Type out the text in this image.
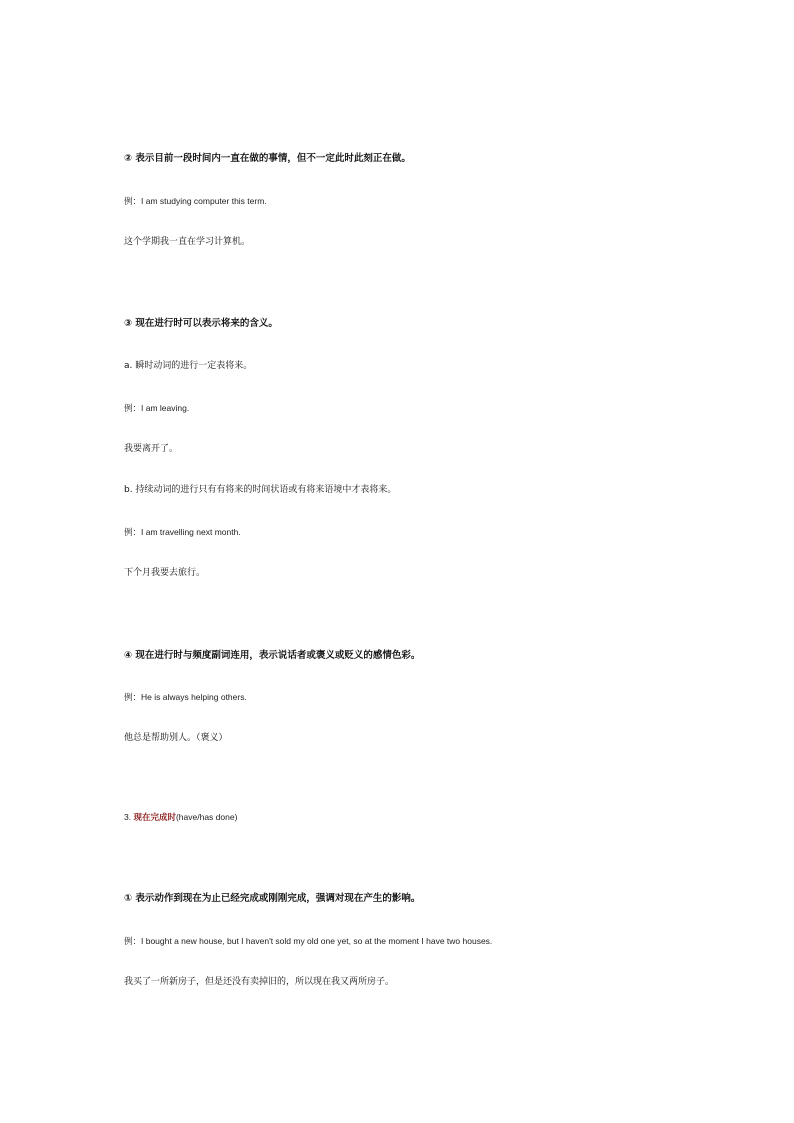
② 表示目前一段时间内一直在做的事情，但不一定此时此刻正在做。
例：I am studying computer this term.
这个学期我一直在学习计算机。
③ 现在进行时可以表示将来的含义。
a. 瞬时动词的进行一定表将来。
例：I am leaving.
我要离开了。
b. 持续动词的进行只有有将来的时间状语或有将来语境中才表将来。
例：I am travelling next month.
下个月我要去旅行。
④ 现在进行时与频度副词连用，表示说话者或褒义或贬义的感情色彩。
例：He is always helping others.
他总是帮助别人。（褒义）
3. 现在完成时(have/has done)
① 表示动作到现在为止已经完成或刚刚完成，强调对现在产生的影响。
例：I bought a new house, but I haven't sold my old one yet, so at the moment I have two houses.
我买了一所新房子，但是还没有卖掉旧的，所以现在我又两所房子。
